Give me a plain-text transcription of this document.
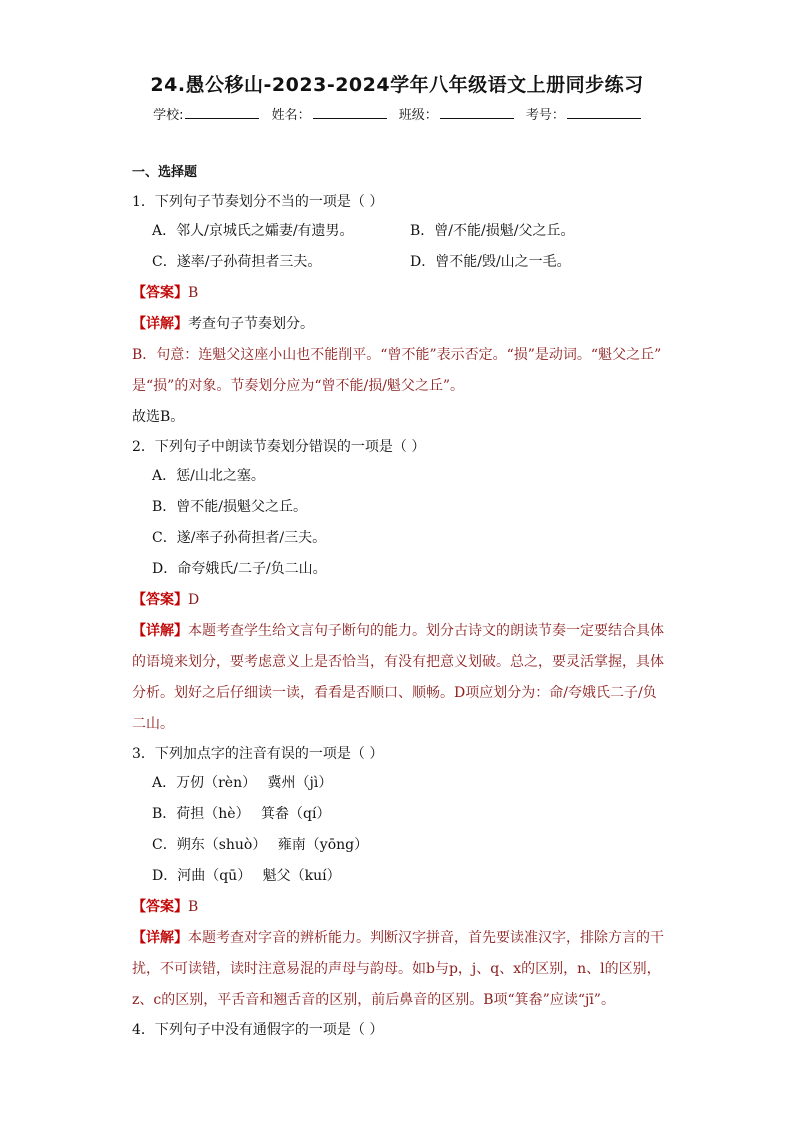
24.愚公移山-2023-2024学年八年级语文上册同步练习
学校:	姓名：	班级：	考号：
一、选择题
1．下列句子节奏划分不当的一项是（ ）
A．邻人/京城氏之孀妻/有遗男。	B．曾/不能/损魁/父之丘。
C．遂率/子孙荷担者三夫。	D．曾不能/毁/山之一毛。
【答案】B
【详解】考查句子节奏划分。
B．句意：连魁父这座小山也不能削平。“曾不能”表示否定。“损”是动词。“魁父之丘”
是“损”的对象。节奏划分应为“曾不能/损/魁父之丘”。
故选B。
2．下列句子中朗读节奏划分错误的一项是（ ）
A．惩/山北之塞。
B．曾不能/损魁父之丘。
C．遂/率子孙荷担者/三夫。
D．命夸娥氏/二子/负二山。
【答案】D
【详解】本题考查学生给文言句子断句的能力。划分古诗文的朗读节奏一定要结合具体
的语境来划分，要考虑意义上是否恰当，有没有把意义划破。总之，要灵活掌握，具体
分析。划好之后仔细读一读，看看是否顺口、顺畅。D项应划分为：命/夸娥氏二子/负
二山。
3．下列加点字的注音有误的一项是（ ）
A．万仞（rèn）　 冀州（jì）
B．荷担（hè）　 箕畚（qí）
C．朔东（shuò）　 雍南（yōng）
D．河曲（qū）　 魁父（kuí）
【答案】B
【详解】本题考查对字音的辨析能力。判断汉字拼音，首先要读准汉字，排除方言的干
扰，不可读错，读时注意易混的声母与韵母。如b与p，j、q、x的区别，n、l的区别，
z、c的区别，平舌音和翘舌音的区别，前后鼻音的区别。B项“箕畚”应读“jī”。
4．下列句子中没有通假字的一项是（ ）
